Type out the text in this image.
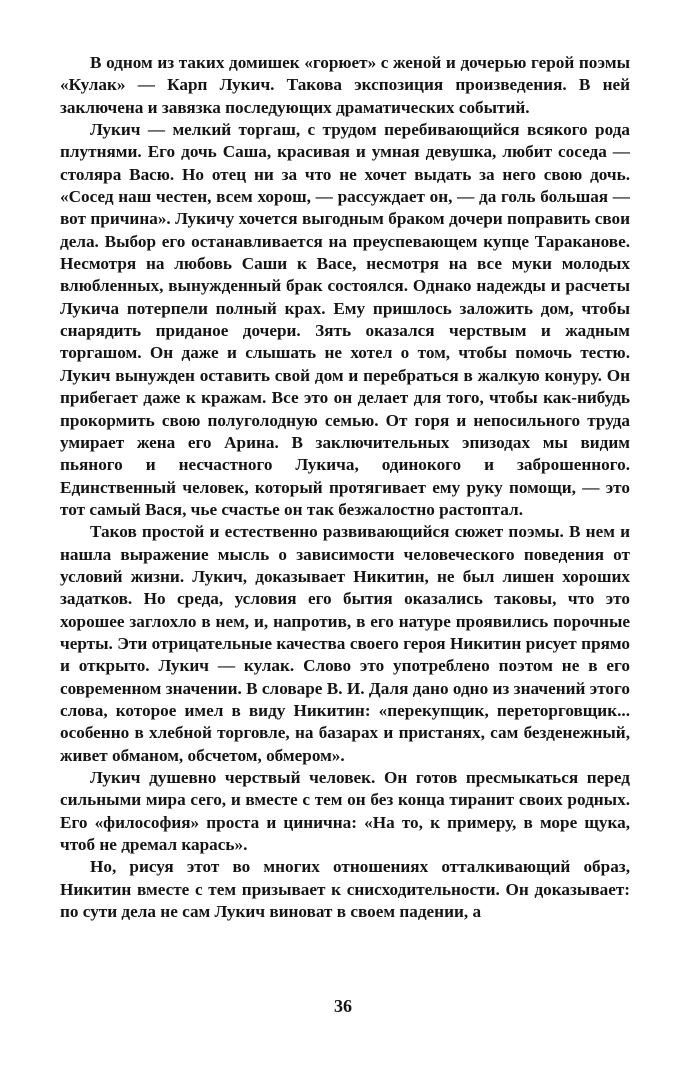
В одном из таких домишек «горюет» с женой и дочерью герой поэмы «Кулак» — Карп Лукич. Такова экспозиция произведения. В ней заключена и завязка последующих драматических событий.

Лукич — мелкий торгаш, с трудом перебивающийся всякого рода плутнями. Его дочь Саша, красивая и умная девушка, любит соседа — столяра Васю. Но отец ни за что не хочет выдать за него свою дочь. «Сосед наш честен, всем хорош, — рассуждает он, — да голь большая — вот причина». Лукичу хочется выгодным браком дочери поправить свои дела. Выбор его останавливается на преуспевающем купце Тараканове. Несмотря на любовь Саши к Васе, несмотря на все муки молодых влюбленных, вынужденный брак состоялся. Однако надежды и расчеты Лукича потерпели полный крах. Ему пришлось заложить дом, чтобы снарядить приданое дочери. Зять оказался черствым и жадным торгашом. Он даже и слышать не хотел о том, чтобы помочь тестю. Лукич вынужден оставить свой дом и перебраться в жалкую конуру. Он прибегает даже к кражам. Все это он делает для того, чтобы как-нибудь прокормить свою полуголодную семью. От горя и непосильного труда умирает жена его Арина. В заключительных эпизодах мы видим пьяного и несчастного Лукича, одинокого и заброшенного. Единственный человек, который протягивает ему руку помощи, — это тот самый Вася, чье счастье он так безжалостно растоптал.

Таков простой и естественно развивающийся сюжет поэмы. В нем и нашла выражение мысль о зависимости человеческого поведения от условий жизни. Лукич, доказывает Никитин, не был лишен хороших задатков. Но среда, условия его бытия оказались таковы, что это хорошее заглохло в нем, и, напротив, в его натуре проявились порочные черты. Эти отрицательные качества своего героя Никитин рисует прямо и открыто. Лукич — кулак. Слово это употреблено поэтом не в его современном значении. В словаре В. И. Даля дано одно из значений этого слова, которое имел в виду Никитин: «перекупщик, переторговщик... особенно в хлебной торговле, на базарах и пристанях, сам безденежный, живет обманом, обсчетом, обмером».

Лукич душевно черствый человек. Он готов пресмыкаться перед сильными мира сего, и вместе с тем он без конца тиранит своих родных. Его «философия» проста и цинична: «На то, к примеру, в море щука, чтоб не дремал карась».

Но, рисуя этот во многих отношениях отталкивающий образ, Никитин вместе с тем призывает к снисходительности. Он доказывает: по сути дела не сам Лукич виноват в своем падении, а

36
